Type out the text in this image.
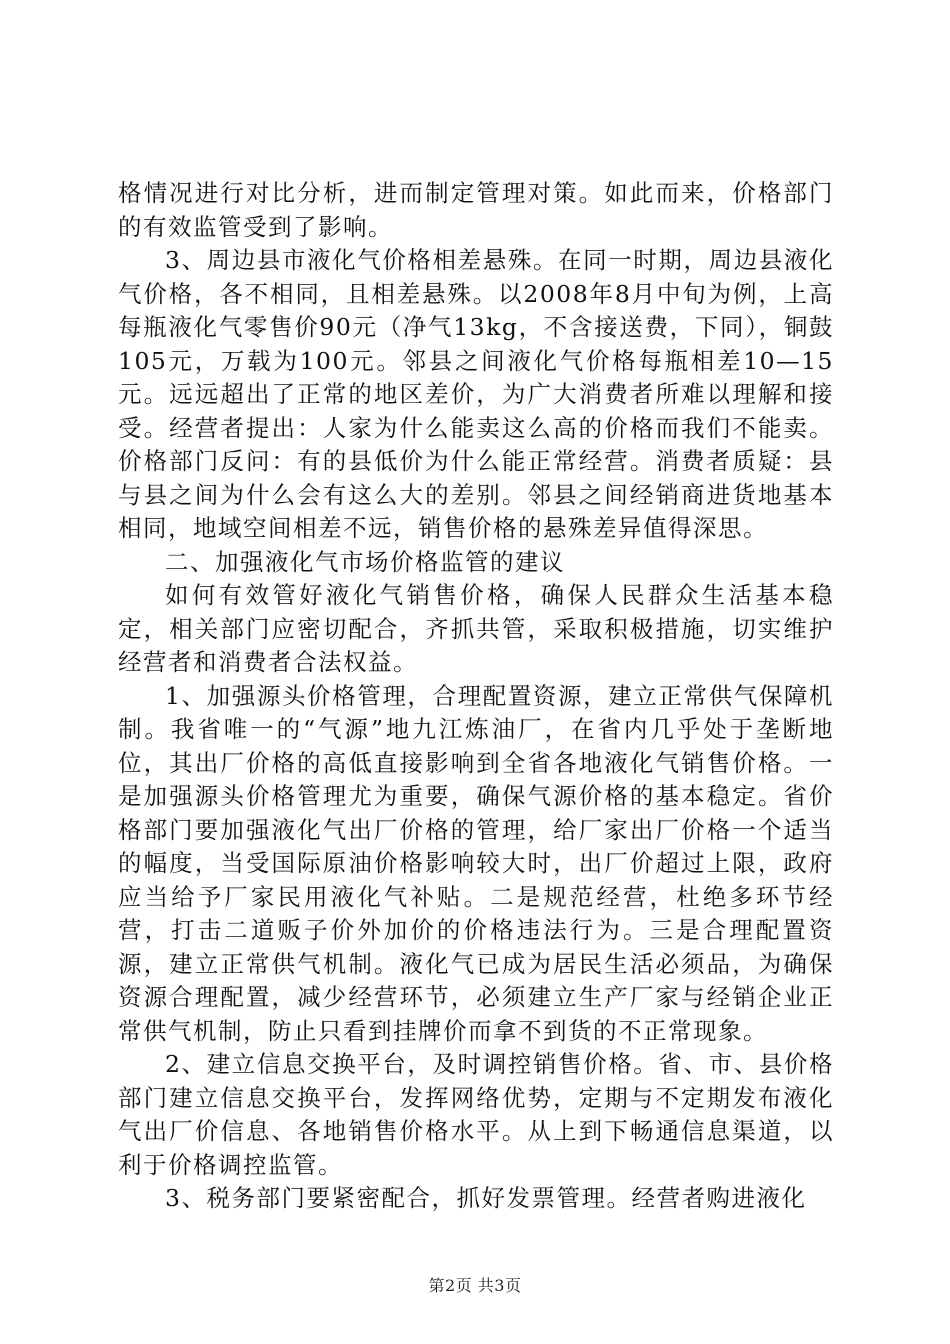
格情况进行对比分析，进而制定管理对策。如此而来，价格部门的有效监管受到了影响。

3、周边县市液化气价格相差悬殊。在同一时期，周边县液化气价格，各不相同，且相差悬殊。以2008年8月中旬为例，上高每瓶液化气零售价90元（净气13kg，不含接送费，下同），铜鼓105元，万载为100元。邻县之间液化气价格每瓶相差10—15元。远远超出了正常的地区差价，为广大消费者所难以理解和接受。经营者提出：人家为什么能卖这么高的价格而我们不能卖。价格部门反问：有的县低价为什么能正常经营。消费者质疑：县与县之间为什么会有这么大的差别。邻县之间经销商进货地基本相同，地域空间相差不远，销售价格的悬殊差异值得深思。

二、加强液化气市场价格监管的建议

如何有效管好液化气销售价格，确保人民群众生活基本稳定，相关部门应密切配合，齐抓共管，采取积极措施，切实维护经营者和消费者合法权益。

1、加强源头价格管理，合理配置资源，建立正常供气保障机制。我省唯一的“气源”地九江炼油厂，在省内几乎处于垄断地位，其出厂价格的高低直接影响到全省各地液化气销售价格。一是加强源头价格管理尤为重要，确保气源价格的基本稳定。省价格部门要加强液化气出厂价格的管理，给厂家出厂价格一个适当的幅度，当受国际原油价格影响较大时，出厂价超过上限，政府应当给予厂家民用液化气补贴。二是规范经营，杜绝多环节经营，打击二道贩子价外加价的价格违法行为。三是合理配置资源，建立正常供气机制。液化气已成为居民生活必须品，为确保资源合理配置，减少经营环节，必须建立生产厂家与经销企业正常供气机制，防止只看到挂牌价而拿不到货的不正常现象。

2、建立信息交换平台，及时调控销售价格。省、市、县价格部门建立信息交换平台，发挥网络优势，定期与不定期发布液化气出厂价信息、各地销售价格水平。从上到下畅通信息渠道，以利于价格调控监管。

3、税务部门要紧密配合，抓好发票管理。经营者购进液化

第2页 共3页
